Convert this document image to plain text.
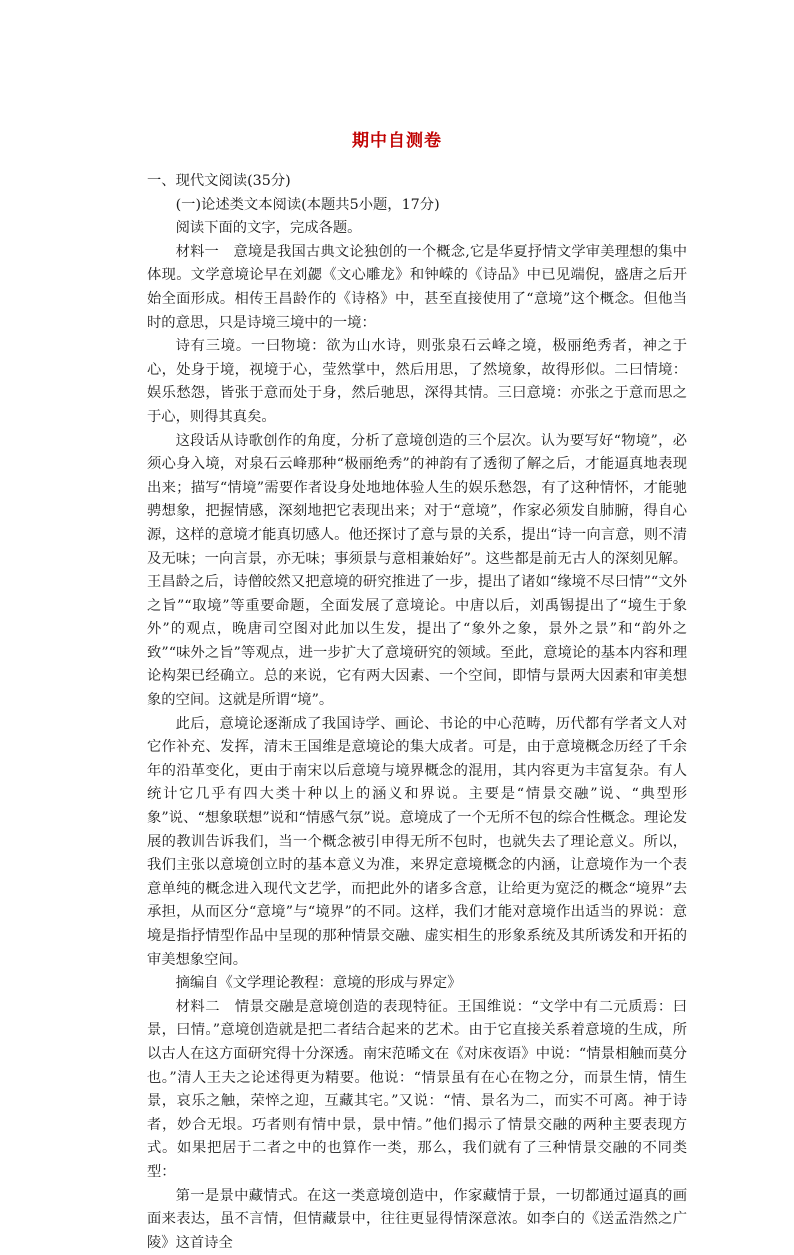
期中自测卷

一、现代文阅读(35分)

(一)论述类文本阅读(本题共5小题，17分)

阅读下面的文字，完成各题。

材料一　意境是我国古典文论独创的一个概念,它是华夏抒情文学审美理想的集中体现。文学意境论早在刘勰《文心雕龙》和钟嵘的《诗品》中已见端倪，盛唐之后开始全面形成。相传王昌龄作的《诗格》中，甚至直接使用了“意境”这个概念。但他当时的意思，只是诗境三境中的一境：

诗有三境。一曰物境：欲为山水诗，则张泉石云峰之境，极丽绝秀者，神之于心，处身于境，视境于心，莹然掌中，然后用思，了然境象，故得形似。二曰情境：娱乐愁怨，皆张于意而处于身，然后驰思，深得其情。三曰意境：亦张之于意而思之于心，则得其真矣。

这段话从诗歌创作的角度，分析了意境创造的三个层次。认为要写好“物境”，必须心身入境，对泉石云峰那种“极丽绝秀”的神韵有了透彻了解之后，才能逼真地表现出来；描写“情境”需要作者设身处地地体验人生的娱乐愁怨，有了这种情怀，才能驰骋想象，把握情感，深刻地把它表现出来；对于“意境”，作家必须发自肺腑，得自心源，这样的意境才能真切感人。他还探讨了意与景的关系，提出“诗一向言意，则不清及无味；一向言景，亦无味；事须景与意相兼始好”。这些都是前无古人的深刻见解。王昌龄之后，诗僧皎然又把意境的研究推进了一步，提出了诸如“缘境不尽曰情”“文外之旨”“取境”等重要命题，全面发展了意境论。中唐以后，刘禹锡提出了“境生于象外”的观点，晚唐司空图对此加以生发，提出了“象外之象，景外之景”和“韵外之致”“味外之旨”等观点，进一步扩大了意境研究的领域。至此，意境论的基本内容和理论构架已经确立。总的来说，它有两大因素、一个空间，即情与景两大因素和审美想象的空间。这就是所谓“境”。

此后，意境论逐渐成了我国诗学、画论、书论的中心范畴，历代都有学者文人对它作补充、发挥，清末王国维是意境论的集大成者。可是，由于意境概念历经了千余年的沿革变化，更由于南宋以后意境与境界概念的混用，其内容更为丰富复杂。有人统计它几乎有四大类十种以上的涵义和界说。主要是“情景交融”说、“典型形象”说、“想象联想”说和“情感气氛”说。意境成了一个无所不包的综合性概念。理论发展的教训告诉我们，当一个概念被引申得无所不包时，也就失去了理论意义。所以，我们主张以意境创立时的基本意义为准，来界定意境概念的内涵，让意境作为一个表意单纯的概念进入现代文艺学，而把此外的诸多含意，让给更为宽泛的概念“境界”去承担，从而区分“意境”与“境界”的不同。这样，我们才能对意境作出适当的界说：意境是指抒情型作品中呈现的那种情景交融、虚实相生的形象系统及其所诱发和开拓的审美想象空间。

摘编自《文学理论教程：意境的形成与界定》

材料二　情景交融是意境创造的表现特征。王国维说：“文学中有二元质焉：曰景，曰情。”意境创造就是把二者结合起来的艺术。由于它直接关系着意境的生成，所以古人在这方面研究得十分深透。南宋范晞文在《对床夜语》中说：“情景相触而莫分也。”清人王夫之论述得更为精要。他说：“情景虽有在心在物之分，而景生情，情生景，哀乐之触，荣悴之迎，互藏其宅。”又说：“情、景名为二，而实不可离。神于诗者，妙合无垠。巧者则有情中景，景中情。”他们揭示了情景交融的两种主要表现方式。如果把居于二者之中的也算作一类，那么，我们就有了三种情景交融的不同类型：

第一是景中藏情式。在这一类意境创造中，作家藏情于景，一切都通过逼真的画面来表达，虽不言情，但情藏景中，往往更显得情深意浓。如李白的《送孟浩然之广陵》这首诗全
